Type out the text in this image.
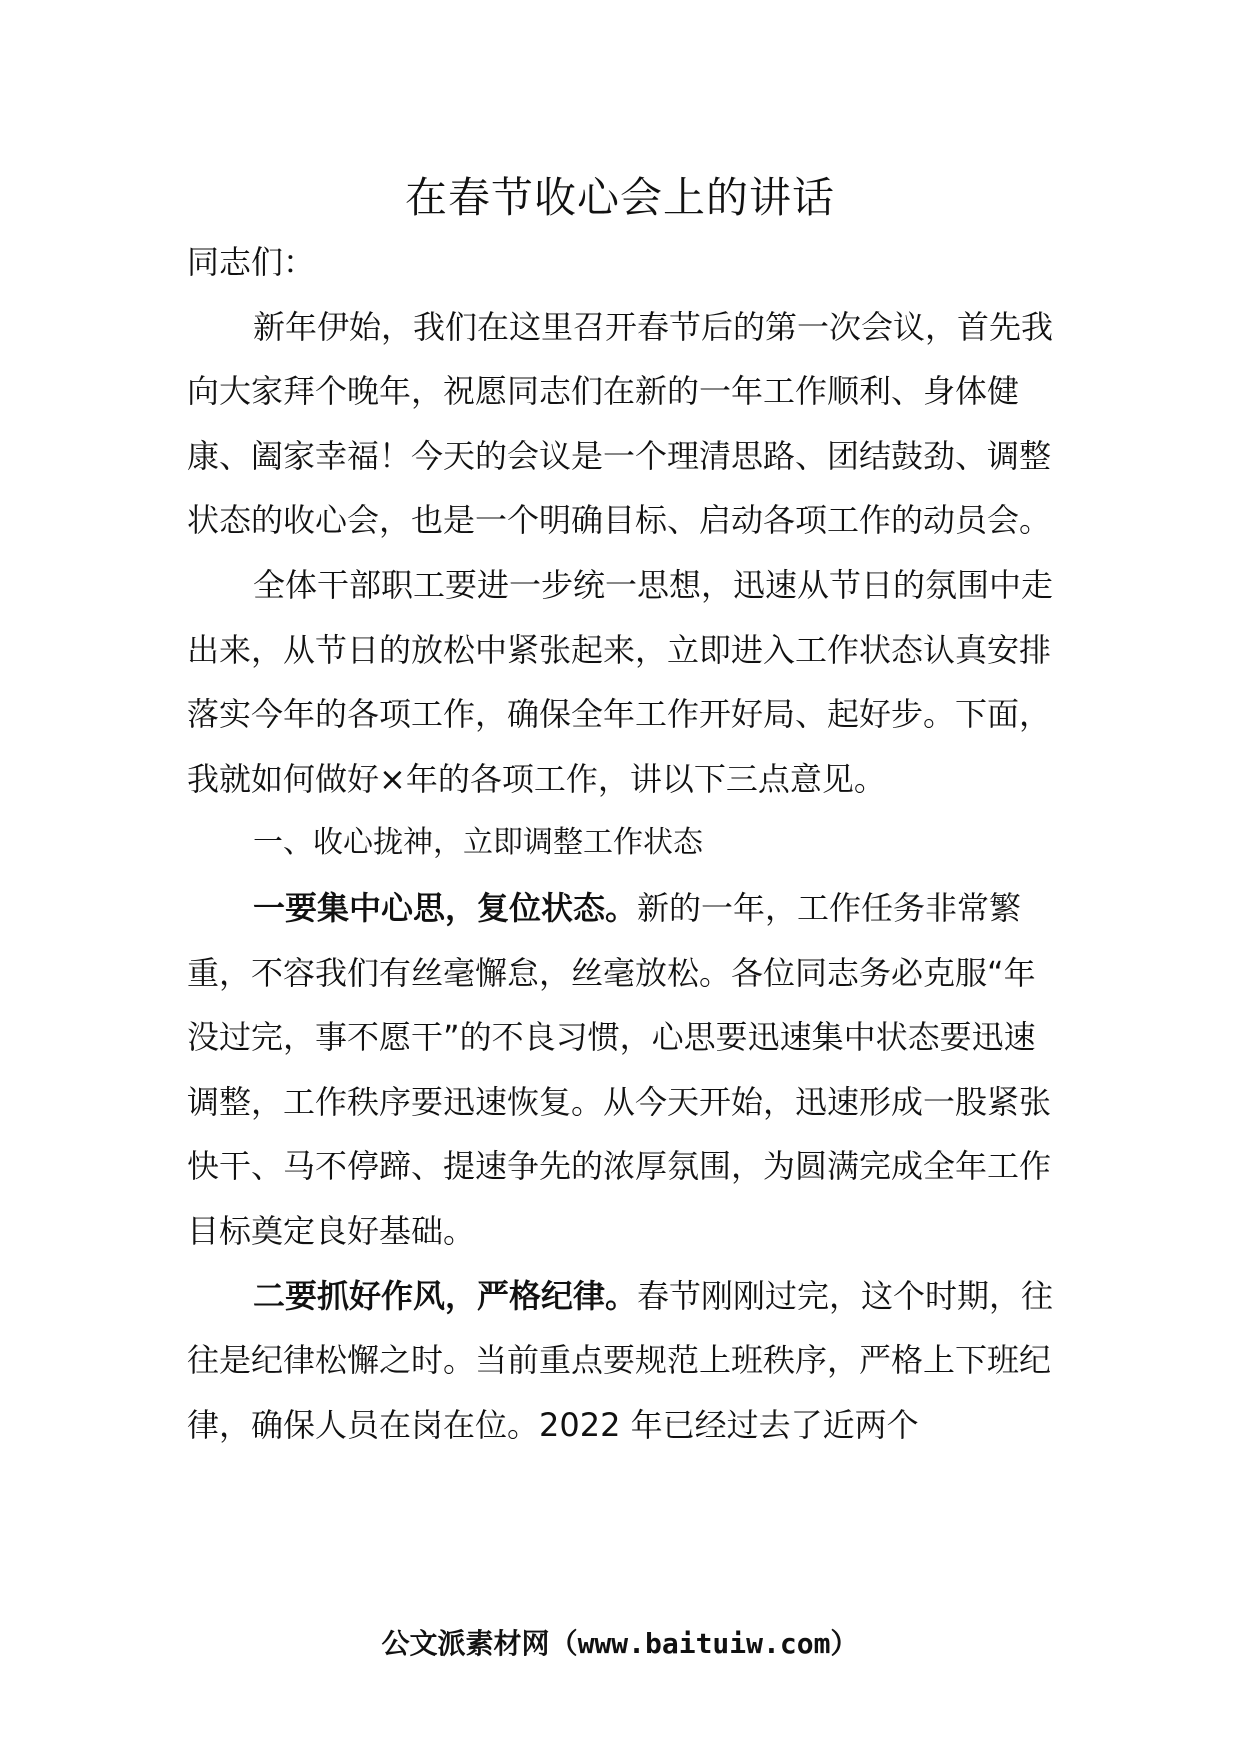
在春节收心会上的讲话

同志们：

新年伊始，我们在这里召开春节后的第一次会议，首先我向大家拜个晚年，祝愿同志们在新的一年工作顺利、身体健康、阖家幸福！今天的会议是一个理清思路、团结鼓劲、调整状态的收心会，也是一个明确目标、启动各项工作的动员会。

全体干部职工要进一步统一思想，迅速从节日的氛围中走出来，从节日的放松中紧张起来，立即进入工作状态认真安排落实今年的各项工作，确保全年工作开好局、起好步。下面，我就如何做好×年的各项工作，讲以下三点意见。

一、收心拢神，立即调整工作状态

一要集中心思，复位状态。新的一年，工作任务非常繁重，不容我们有丝毫懈怠，丝毫放松。各位同志务必克服“年没过完，事不愿干”的不良习惯，心思要迅速集中状态要迅速调整，工作秩序要迅速恢复。从今天开始，迅速形成一股紧张快干、马不停蹄、提速争先的浓厚氛围，为圆满完成全年工作目标奠定良好基础。

二要抓好作风，严格纪律。春节刚刚过完，这个时期，往往是纪律松懈之时。当前重点要规范上班秩序，严格上下班纪律，确保人员在岗在位。2022 年已经过去了近两个

公文派素材网（www.baituiw.com）
